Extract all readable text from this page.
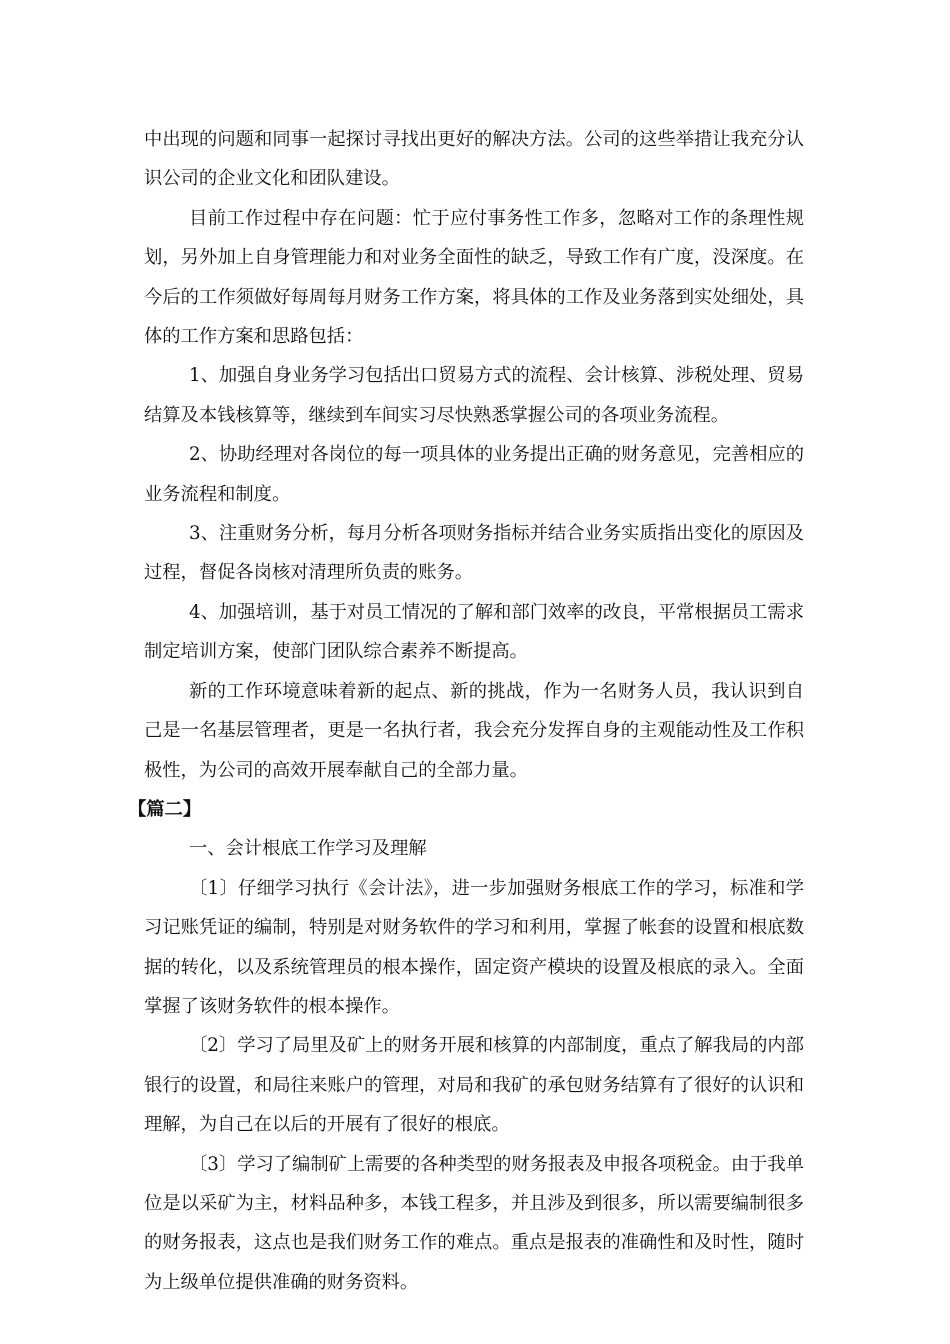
中出现的问题和同事一起探讨寻找出更好的解决方法。公司的这些举措让我充分认识公司的企业文化和团队建设。

目前工作过程中存在问题：忙于应付事务性工作多，忽略对工作的条理性规划，另外加上自身管理能力和对业务全面性的缺乏，导致工作有广度，没深度。在今后的工作须做好每周每月财务工作方案，将具体的工作及业务落到实处细处，具体的工作方案和思路包括：

1、加强自身业务学习包括出口贸易方式的流程、会计核算、涉税处理、贸易结算及本钱核算等，继续到车间实习尽快熟悉掌握公司的各项业务流程。

2、协助经理对各岗位的每一项具体的业务提出正确的财务意见，完善相应的业务流程和制度。

3、注重财务分析，每月分析各项财务指标并结合业务实质指出变化的原因及过程，督促各岗核对清理所负责的账务。

4、加强培训，基于对员工情况的了解和部门效率的改良，平常根据员工需求制定培训方案，使部门团队综合素养不断提高。

新的工作环境意味着新的起点、新的挑战，作为一名财务人员，我认识到自己是一名基层管理者，更是一名执行者，我会充分发挥自身的主观能动性及工作积极性，为公司的高效开展奉献自己的全部力量。

【篇二】

一、会计根底工作学习及理解

〔1〕仔细学习执行《会计法》，进一步加强财务根底工作的学习，标准和学习记账凭证的编制，特别是对财务软件的学习和利用，掌握了帐套的设置和根底数据的转化，以及系统管理员的根本操作，固定资产模块的设置及根底的录入。全面掌握了该财务软件的根本操作。

〔2〕学习了局里及矿上的财务开展和核算的内部制度，重点了解我局的内部银行的设置，和局往来账户的管理，对局和我矿的承包财务结算有了很好的认识和理解，为自己在以后的开展有了很好的根底。

〔3〕学习了编制矿上需要的各种类型的财务报表及申报各项税金。由于我单位是以采矿为主，材料品种多，本钱工程多，并且涉及到很多，所以需要编制很多的财务报表，这点也是我们财务工作的难点。重点是报表的准确性和及时性，随时为上级单位提供准确的财务资料。
